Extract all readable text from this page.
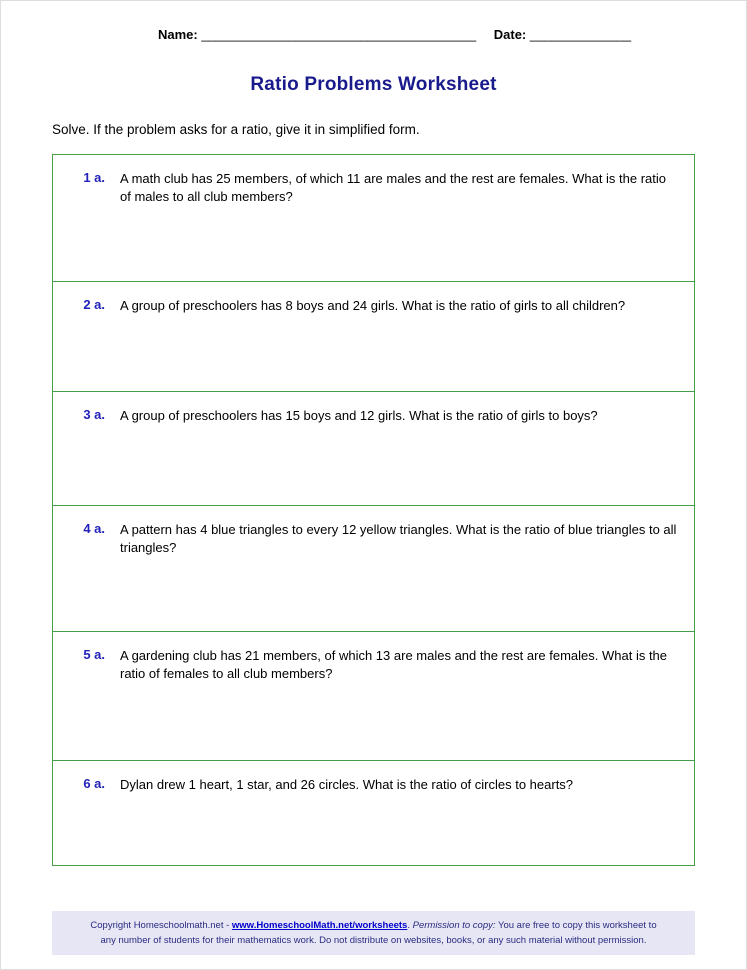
Name: ______________________________________ Date: ______________
Ratio Problems Worksheet

Solve. If the problem asks for a ratio, give it in simplified form.

1 a. A math club has 25 members, of which 11 are males and the rest are females. What is the ratio of males to all club members?
2 a. A group of preschoolers has 8 boys and 24 girls. What is the ratio of girls to all children?
3 a. A group of preschoolers has 15 boys and 12 girls. What is the ratio of girls to boys?
4 a. A pattern has 4 blue triangles to every 12 yellow triangles. What is the ratio of blue triangles to all triangles?
5 a. A gardening club has 21 members, of which 13 are males and the rest are females. What is the ratio of females to all club members?
6 a. Dylan drew 1 heart, 1 star, and 26 circles. What is the ratio of circles to hearts?
Copyright Homeschoolmath.net - www.HomeschoolMath.net/worksheets. Permission to copy: You are free to copy this worksheet to any number of students for their mathematics work. Do not distribute on websites, books, or any such material without permission.
